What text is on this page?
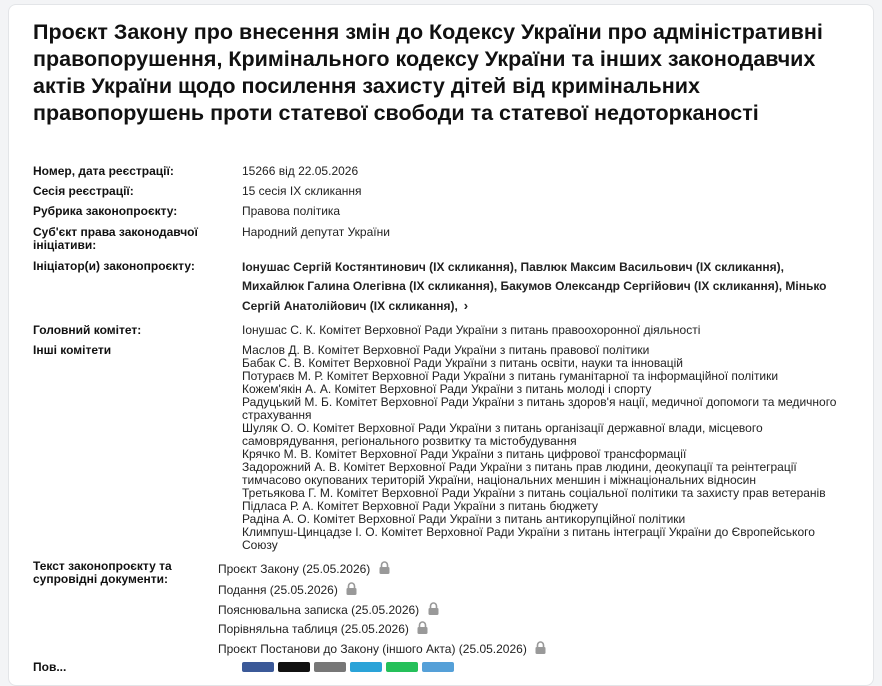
Проєкт Закону про внесення змін до Кодексу України про адміністративні правопорушення, Кримінального кодексу України та інших законодавчих актів України щодо посилення захисту дітей від кримінальних правопорушень проти статевої свободи та статевої недоторканості
Номер, дата реєстрації:	15266 від 22.05.2026
Сесія реєстрації:	15 сесія IX скликання
Рубрика законопроєкту:	Правова політика
Суб'єкт права законодавчої ініціативи:
Народний депутат України
Ініціатор(и) законопроєкту:	Іонушас Сергій Костянтинович (IX скликання), Павлюк Максим Васильович (IX скликання), Михайлюк Галина Олегівна (IX скликання), Бакумов Олександр Сергійович (IX скликання), Мінько Сергій Анатолійович (IX скликання), ›
Головний комітет:	Іонушас С. К. Комітет Верховної Ради України з питань правоохоронної діяльності
Інші комітети	Маслов Д. В. Комітет Верховної Ради України з питань правової політики
Бабак С. В. Комітет Верховної Ради України з питань освіти, науки та інновацій
Потураєв М. Р. Комітет Верховної Ради України з питань гуманітарної та інформаційної політики
Кожем'якін А. А. Комітет Верховної Ради України з питань молоді і спорту
Радуцький М. Б. Комітет Верховної Ради України з питань здоров'я нації, медичної допомоги та медичного страхування
Шуляк О. О. Комітет Верховної Ради України з питань організації державної влади, місцевого самоврядування, регіонального розвитку та містобудування
Крячко М. В. Комітет Верховної Ради України з питань цифрової трансформації
Задорожний А. В. Комітет Верховної Ради України з питань прав людини, деокупації та реінтеграції тимчасово окупованих територій України, національних меншин і міжнаціональних відносин
Третьякова Г. М. Комітет Верховної Ради України з питань соціальної політики та захисту прав ветеранів
Підласа Р. А. Комітет Верховної Ради України з питань бюджету
Радіна А. О. Комітет Верховної Ради України з питань антикорупційної політики
Климпуш-Цинцадзе І. О. Комітет Верховної Ради України з питань інтеграції України до Європейського Союзу
Текст законопроєкту та супровідні документи:
Проєкт Закону (25.05.2026)
Подання (25.05.2026)
Пояснювальна записка (25.05.2026)
Порівняльна таблиця (25.05.2026)
Проєкт Постанови до Закону (іншого Акта) (25.05.2026)
Пов...
